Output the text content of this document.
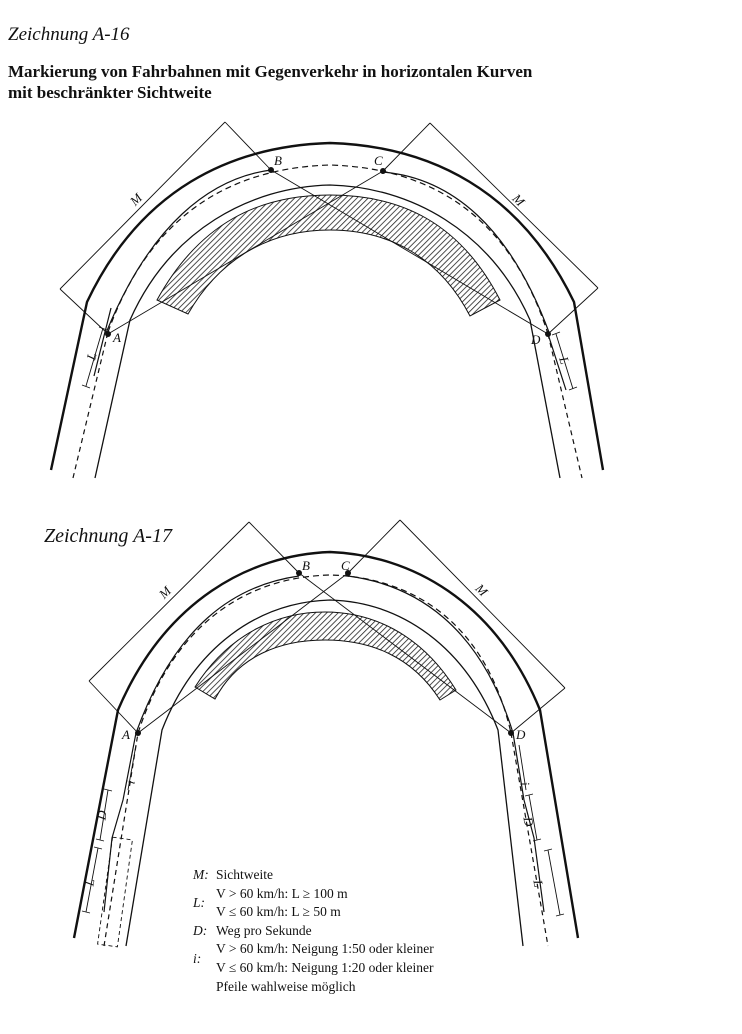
Zeichnung A-16

Markierung von Fahrbahnen mit Gegenverkehr in horizontalen Kurven
mit beschränkter Sichtweite

Zeichnung A-17

A
B	C
D
M	M
L	L
A
B C
D
M	M
i
D
L
i
D
L
M: Sichtweite
L:
V > 60 km/h: L ≥ 100 m
V ≤ 60 km/h: L ≥ 50 m
D: Weg pro Sekunde
i:
V > 60 km/h: Neigung 1:50 oder kleiner
V ≤ 60 km/h: Neigung 1:20 oder kleiner
Pfeile wahlweise möglich
